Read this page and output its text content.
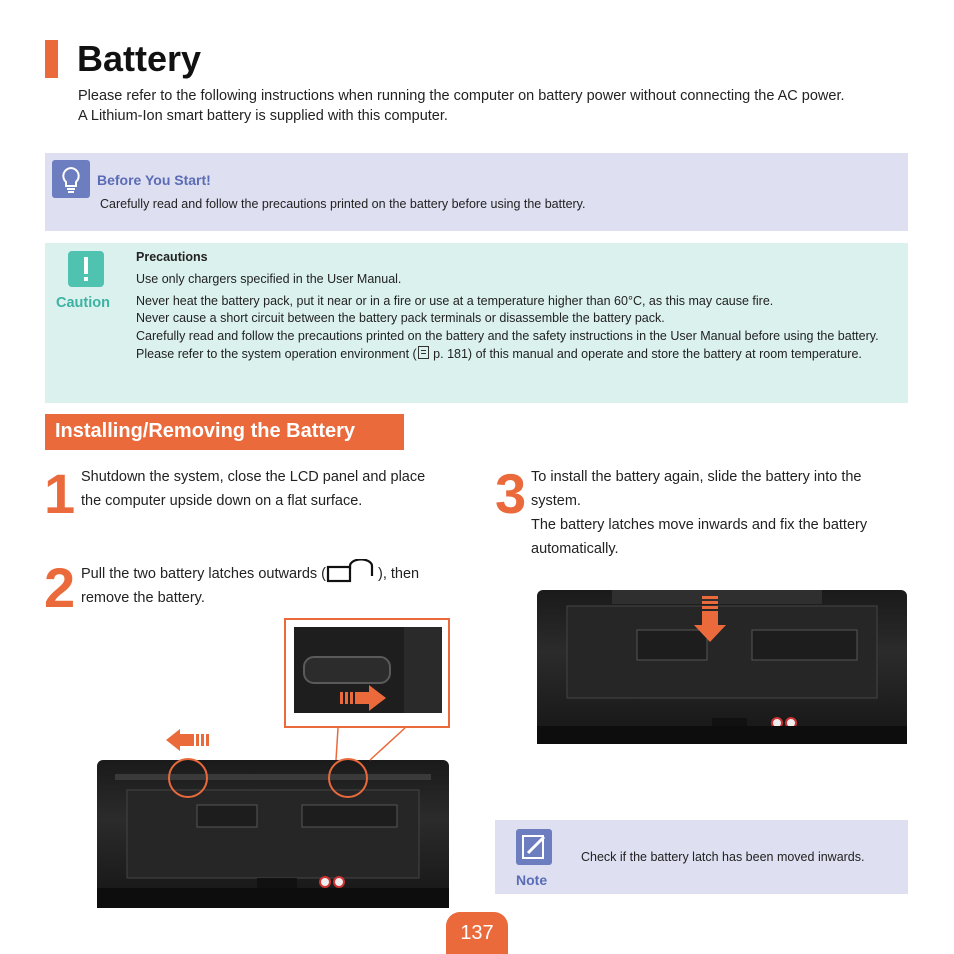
Battery

Please refer to the following instructions when running the computer on battery power without connecting the AC power.

A Lithium-Ion smart battery is supplied with this computer.

Before You Start!
Carefully read and follow the precautions printed on the battery before using the battery.
Caution
Precautions
Use only chargers specified in the User Manual.
Never heat the battery pack, put it near or in a fire or use at a temperature higher than 60°C, as this may cause fire.
Never cause a short circuit between the battery pack terminals or disassemble the battery pack.
Carefully read and follow the precautions printed on the battery and the safety instructions in the User Manual before using the battery.
Please refer to the system operation environment ( p. 181) of this manual and operate and store the battery at room temperature.
Installing/Removing the Battery
1 Shutdown the system, close the LCD panel and place the computer upside down on a flat surface.
2 Pull the two battery latches outwards (	), then remove the battery.
3 To install the battery again, slide the battery into the system.

The battery latches move inwards and fix the battery automatically.

Note
Check if the battery latch has been moved inwards.
137
